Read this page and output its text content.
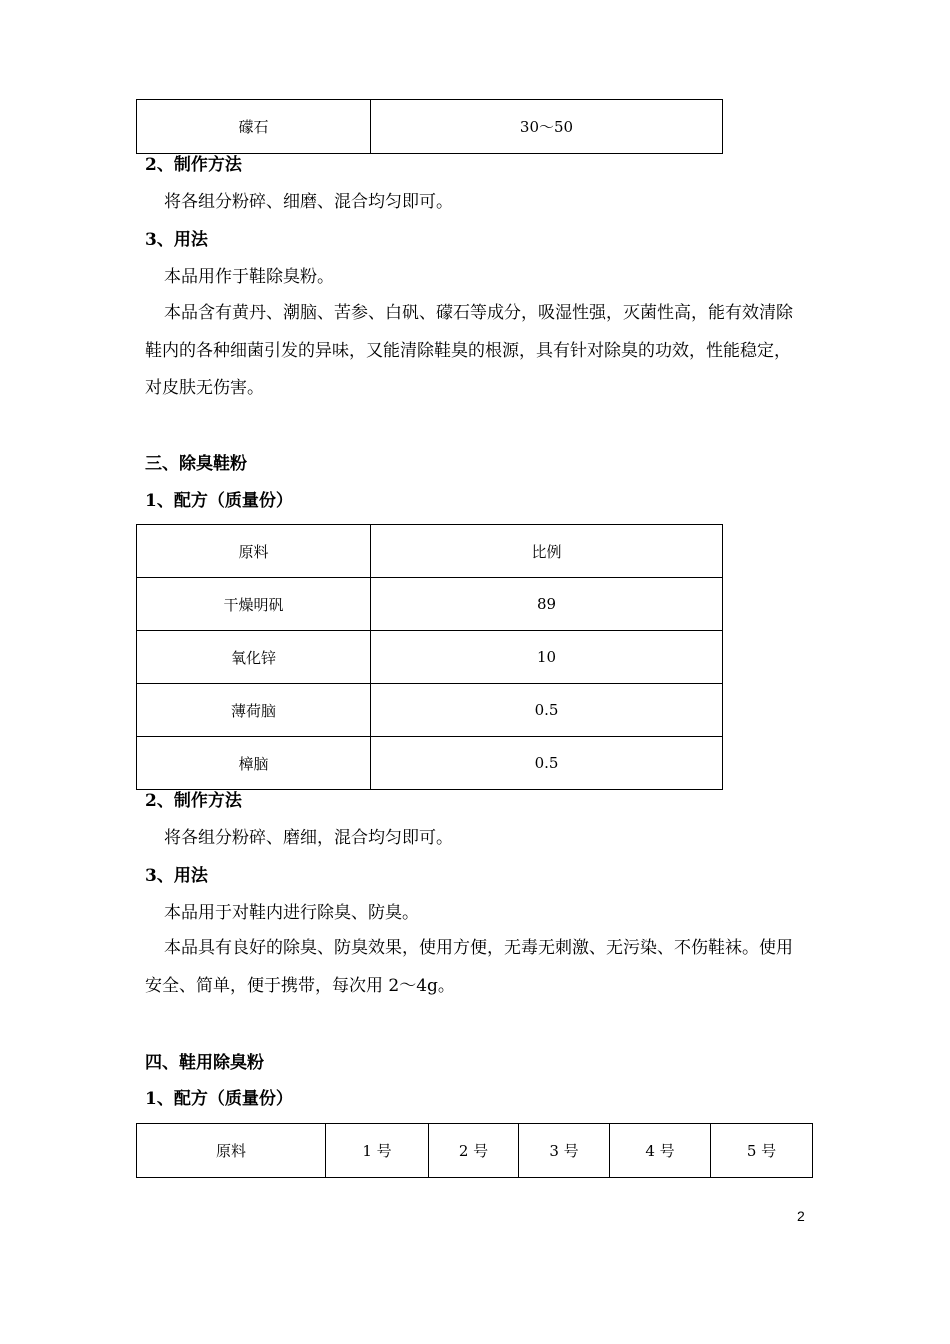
礞石	30～50
2、制作方法
将各组分粉碎、细磨、混合均匀即可。
3、用法
本品用作于鞋除臭粉。
本品含有黄丹、潮脑、苦参、白矾、礞石等成分，吸湿性强，灭菌性高，能有效清除鞋内的各种细菌引发的异味，又能清除鞋臭的根源，具有针对除臭的功效，性能稳定，对皮肤无伤害。
三、除臭鞋粉
1、配方（质量份）
原料	比例
干燥明矾	89
氧化锌	10
薄荷脑	0.5
樟脑	0.5
2、制作方法
将各组分粉碎、磨细，混合均匀即可。
3、用法
本品用于对鞋内进行除臭、防臭。
本品具有良好的除臭、防臭效果，使用方便，无毒无刺激、无污染、不伤鞋袜。使用安全、简单，便于携带，每次用 2～4g。
四、鞋用除臭粉
1、配方（质量份）
原料	1 号	2 号	3 号	4 号	5 号
2
